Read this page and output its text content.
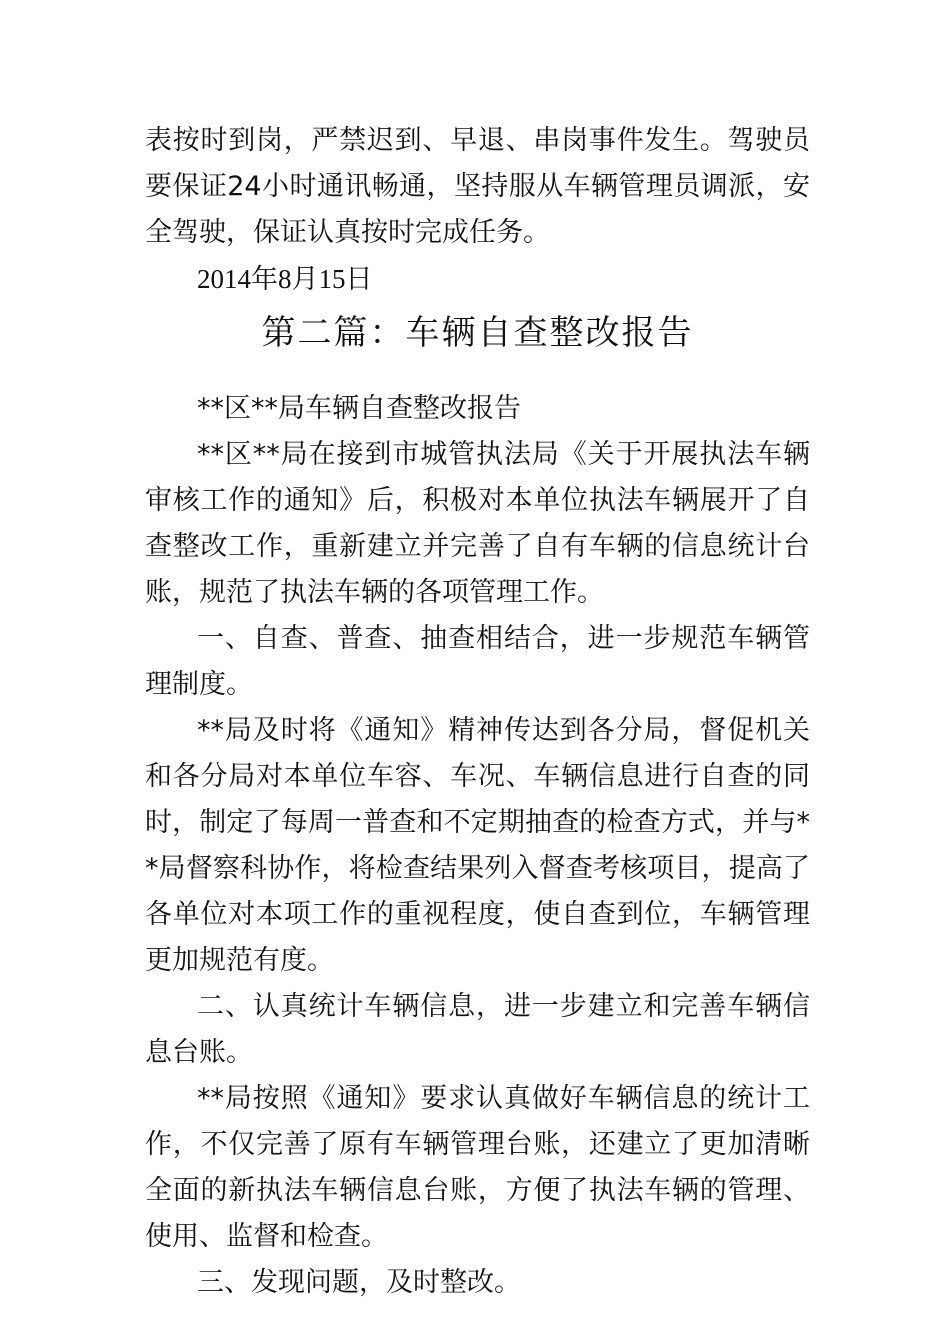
表按时到岗，严禁迟到、早退、串岗事件发生。驾驶员要保证24小时通讯畅通，坚持服从车辆管理员调派，安全驾驶，保证认真按时完成任务。

2014年8月15日

第二篇：车辆自查整改报告

**区**局车辆自查整改报告

**区**局在接到市城管执法局《关于开展执法车辆审核工作的通知》后，积极对本单位执法车辆展开了自查整改工作，重新建立并完善了自有车辆的信息统计台账，规范了执法车辆的各项管理工作。

一、自查、普查、抽查相结合，进一步规范车辆管理制度。

**局及时将《通知》精神传达到各分局，督促机关和各分局对本单位车容、车况、车辆信息进行自查的同时，制定了每周一普查和不定期抽查的检查方式，并与**局督察科协作，将检查结果列入督查考核项目，提高了各单位对本项工作的重视程度，使自查到位，车辆管理更加规范有度。

二、认真统计车辆信息，进一步建立和完善车辆信息台账。

**局按照《通知》要求认真做好车辆信息的统计工作，不仅完善了原有车辆管理台账，还建立了更加清晰全面的新执法车辆信息台账，方便了执法车辆的管理、使用、监督和检查。

三、发现问题，及时整改。
